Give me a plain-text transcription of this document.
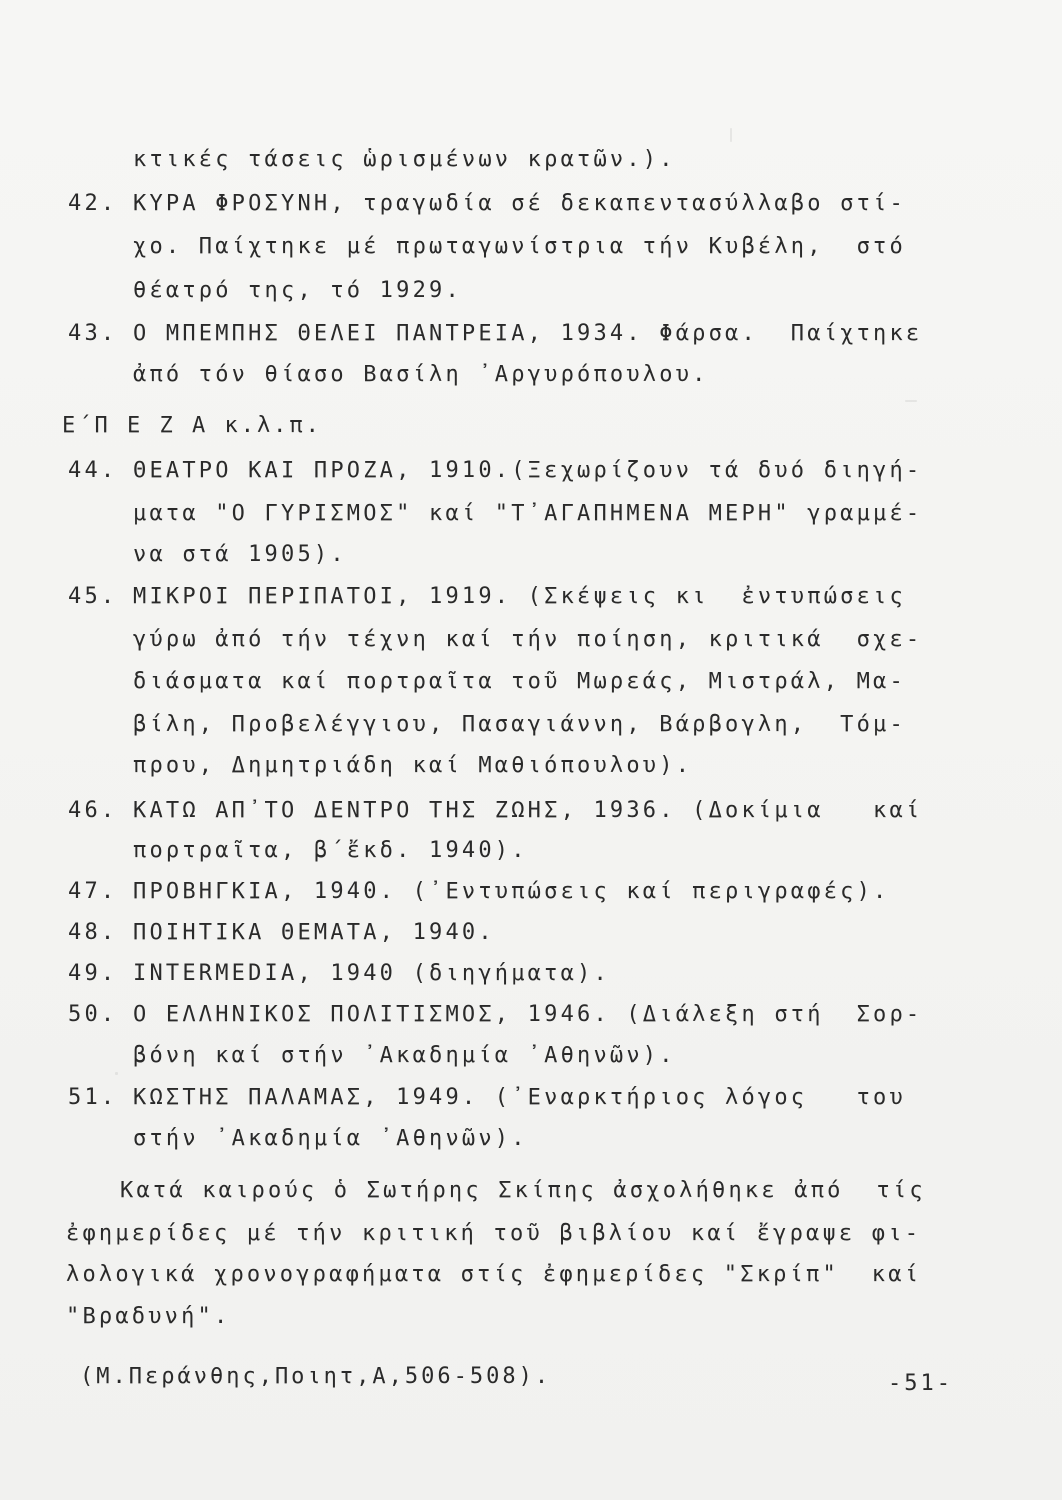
κτικές τάσεις ὡρισμένων κρατῶν.).
42. ΚΥΡΑ ΦΡΟΣΥΝΗ, τραγωδία σέ δεκαπεντασύλλαβο στί-
χο. Παίχτηκε μέ πρωταγωνίστρια τήν Κυβέλη,  στό
θέατρό της, τό 1929.
43. Ο ΜΠΕΜΠΗΣ ΘΕΛΕΙ ΠΑΝΤΡΕΙΑ, 1934. Φάρσα.  Παίχτηκε
ἀπό τόν θίασο Βασίλη ᾿Αργυρόπουλου.
Ε΄Π Ε Ζ Α κ.λ.π.
44. ΘΕΑΤΡΟ ΚΑΙ ΠΡΟΖΑ, 1910.(Ξεχωρίζουν τά δυό διηγή-
ματα "Ο ΓΥΡΙΣΜΟΣ" καί "Τ᾿ΑΓΑΠΗΜΕΝΑ ΜΕΡΗ" γραμμέ-
να στά 1905).
45. ΜΙΚΡΟΙ ΠΕΡΙΠΑΤΟΙ, 1919. (Σκέψεις κι  ἐντυπώσεις
γύρω ἀπό τήν τέχνη καί τήν ποίηση, κριτικά  σχε-
διάσματα καί πορτραῖτα τοῦ Μωρεάς, Μιστράλ, Μα-
βίλη, Προβελέγγιου, Πασαγιάννη, Βάρβογλη,  Τόμ-
πρου, Δημητριάδη καί Μαθιόπουλου).
46. ΚΑΤΩ ΑΠ᾿ΤΟ ΔΕΝΤΡΟ ΤΗΣ ΖΩΗΣ, 1936. (Δοκίμια   καί
πορτραῖτα, β΄ἔκδ. 1940).
47. ΠΡΟΒΗΓΚΙΑ, 1940. (᾿Εντυπώσεις καί περιγραφές).
48. ΠΟΙΗΤΙΚΑ ΘΕΜΑΤΑ, 1940.
49. INTERMEDIA, 1940 (διηγήματα).
50. Ο ΕΛΛΗΝΙΚΟΣ ΠΟΛΙΤΙΣΜΟΣ, 1946. (Διάλεξη στή  Σορ-
βόνη καί στήν ᾿Ακαδημία ᾿Αθηνῶν).
51. ΚΩΣΤΗΣ ΠΑΛΑΜΑΣ, 1949. (᾿Εναρκτήριος λόγος   του
στήν ᾿Ακαδημία ᾿Αθηνῶν).
Κατά καιρούς ὁ Σωτήρης Σκίπης ἀσχολήθηκε ἀπό  τίς
ἐφημερίδες μέ τήν κριτική τοῦ βιβλίου καί ἔγραψε φι-
λολογικά χρονογραφήματα στίς ἐφημερίδες "Σκρίπ"  καί
"Βραδυνή".
(Μ.Περάνθης,Ποιητ,Α,506-508).	-51-
